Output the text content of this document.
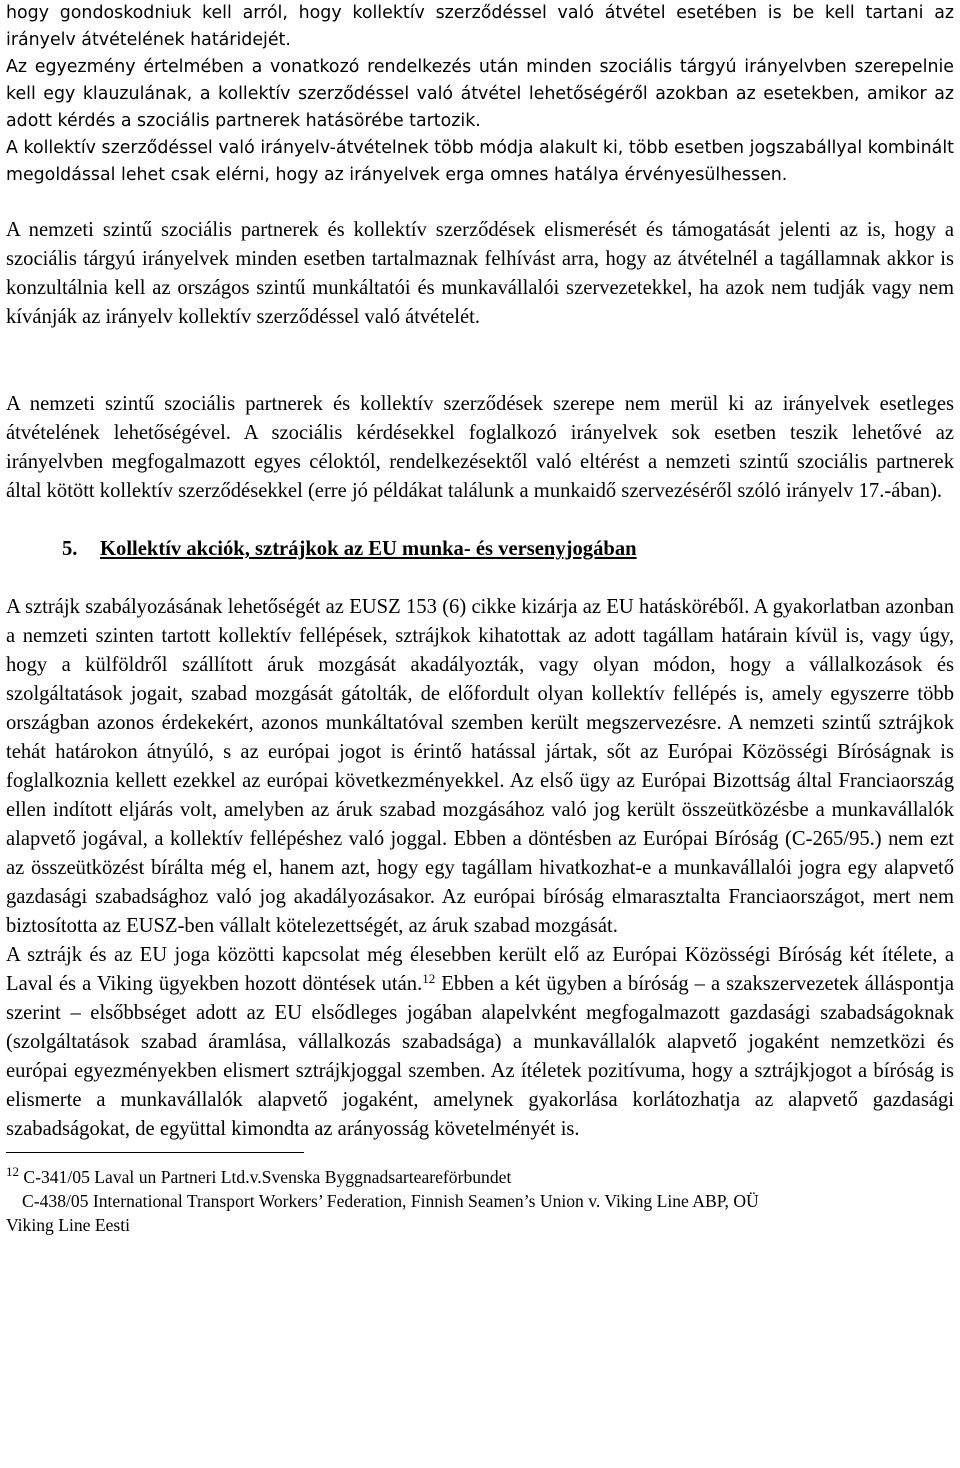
hogy gondoskodniuk kell arról, hogy kollektív szerződéssel való átvétel esetében is be kell tartani az irányelv átvételének határidejét.

Az egyezmény értelmében a vonatkozó rendelkezés után minden szociális tárgyú irányelvben szerepelnie kell egy klauzulának, a kollektív szerződéssel való átvétel lehetőségéről azokban az esetekben, amikor az adott kérdés a szociális partnerek hatásörébe tartozik.

A kollektív szerződéssel való irányelv-átvételnek több módja alakult ki, több esetben jogszabállyal kombinált megoldással lehet csak elérni, hogy az irányelvek erga omnes hatálya érvényesülhessen.

A nemzeti szintű szociális partnerek és kollektív szerződések elismerését és támogatását jelenti az is, hogy a szociális tárgyú irányelvek minden esetben tartalmaznak felhívást arra, hogy az átvételnél a tagállamnak akkor is konzultálnia kell az országos szintű munkáltatói és munkavállalói szervezetekkel, ha azok nem tudják vagy nem kívánják az irányelv kollektív szerződéssel való átvételét.

A nemzeti szintű szociális partnerek és kollektív szerződések szerepe nem merül ki az irányelvek esetleges átvételének lehetőségével. A szociális kérdésekkel foglalkozó irányelvek sok esetben teszik lehetővé az irányelvben megfogalmazott egyes céloktól, rendelkezésektől való eltérést a nemzeti szintű szociális partnerek által kötött kollektív szerződésekkel (erre jó példákat találunk a munkaidő szervezéséről szóló irányelv 17.-ában).

5. Kollektív akciók, sztrájkok az EU munka- és versenyjogában

A sztrájk szabályozásának lehetőségét az EUSZ 153 (6) cikke kizárja az EU hatásköréből. A gyakorlatban azonban a nemzeti szinten tartott kollektív fellépések, sztrájkok kihatottak az adott tagállam határain kívül is, vagy úgy, hogy a külföldről szállított áruk mozgását akadályozták, vagy olyan módon, hogy a vállalkozások és szolgáltatások jogait, szabad mozgását gátolták, de előfordult olyan kollektív fellépés is, amely egyszerre több országban azonos érdekekért, azonos munkáltatóval szemben került megszervezésre. A nemzeti szintű sztrájkok tehát határokon átnyúló, s az európai jogot is érintő hatással jártak, sőt az Európai Közösségi Bíróságnak is foglalkoznia kellett ezekkel az európai következményekkel. Az első ügy az Európai Bizottság által Franciaország ellen indított eljárás volt, amelyben az áruk szabad mozgásához való jog került összeütközésbe a munkavállalók alapvető jogával, a kollektív fellépéshez való joggal. Ebben a döntésben az Európai Bíróság (C-265/95.) nem ezt az összeütközést bírálta még el, hanem azt, hogy egy tagállam hivatkozhat-e a munkavállalói jogra egy alapvető gazdasági szabadsághoz való jog akadályozásakor. Az európai bíróság elmarasztalta Franciaországot, mert nem biztosította az EUSZ-ben vállalt kötelezettségét, az áruk szabad mozgását.

A sztrájk és az EU joga közötti kapcsolat még élesebben került elő az Európai Közösségi Bíróság két ítélete, a Laval és a Viking ügyekben hozott döntések után.$^{12}$ Ebben a két ügyben a bíróság – a szakszervezetek álláspontja szerint – elsőbbséget adott az EU elsődleges jogában alapelvként megfogalmazott gazdasági szabadságoknak (szolgáltatások szabad áramlása, vállalkozás szabadsága) a munkavállalók alapvető jogaként nemzetközi és európai egyezményekben elismert sztrájkjoggal szemben. Az ítéletek pozitívuma, hogy a sztrájkjogot a bíróság is elismerte a munkavállalók alapvető jogaként, amelynek gyakorlása korlátozhatja az alapvető gazdasági szabadságokat, de együttal kimondta az arányosság követelményét is.

$^{12}$ C-341/05 Laval un Partneri Ltd.v.Svenska Byggnadsarteareförbundet

C-438/05 International Transport Workers’ Federation, Finnish Seamen’s Union v. Viking Line ABP, OÜ

Viking Line Eesti
